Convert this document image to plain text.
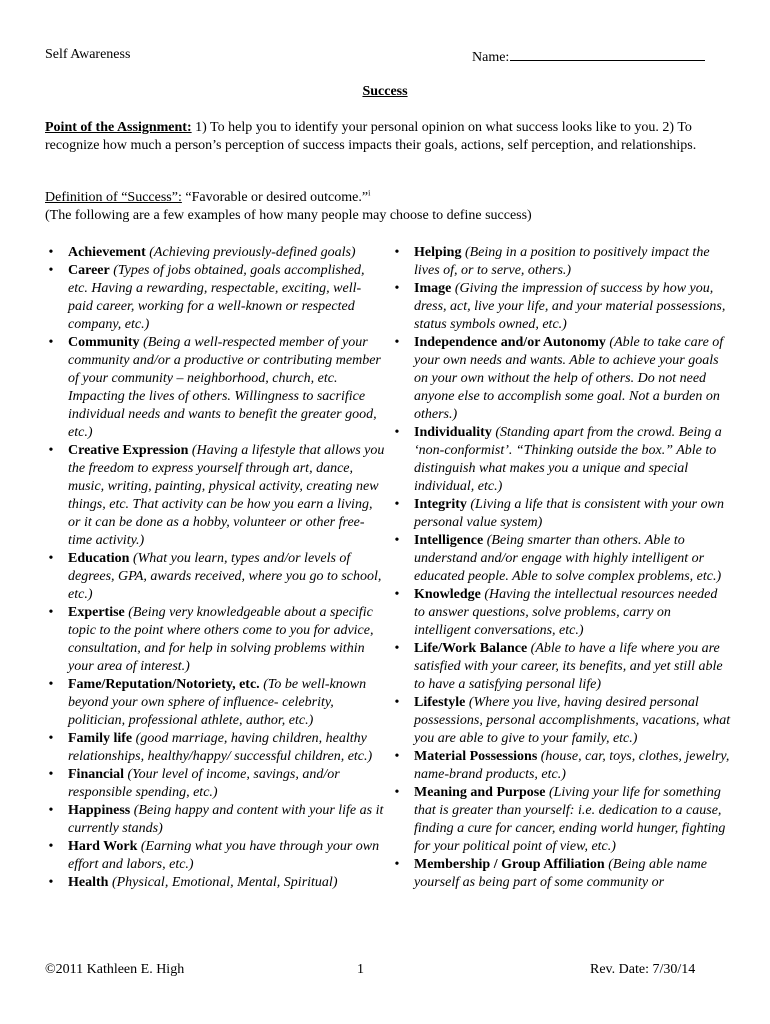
Self Awareness	Name:
Success
Point of the Assignment: 1) To help you to identify your personal opinion on what success looks like to you. 2) To recognize how much a person’s perception of success impacts their goals, actions, self perception, and relationships.
Definition of “Success”: “Favorable or desired outcome.”$^i$
(The following are a few examples of how many people may choose to define success)
• Achievement (Achieving previously-defined goals)
• Career (Types of jobs obtained, goals accomplished, etc. Having a rewarding, respectable, exciting, well-paid career, working for a well-known or respected company, etc.)
• Community (Being a well-respected member of your community and/or a productive or contributing member of your community – neighborhood, church, etc. Impacting the lives of others. Willingness to sacrifice individual needs and wants to benefit the greater good, etc.)
• Creative Expression (Having a lifestyle that allows you the freedom to express yourself through art, dance, music, writing, painting, physical activity, creating new things, etc. That activity can be how you earn a living, or it can be done as a hobby, volunteer or other free-time activity.)
• Education (What you learn, types and/or levels of degrees, GPA, awards received, where you go to school, etc.)
• Expertise (Being very knowledgeable about a specific topic to the point where others come to you for advice, consultation, and for help in solving problems within your area of interest.)
• Fame/Reputation/Notoriety, etc. (To be well-known beyond your own sphere of influence- celebrity, politician, professional athlete, author, etc.)
• Family life (good marriage, having children, healthy relationships, healthy/happy/ successful children, etc.)
• Financial (Your level of income, savings, and/or responsible spending, etc.)
• Happiness (Being happy and content with your life as it currently stands)
• Hard Work (Earning what you have through your own effort and labors, etc.)
• Health (Physical, Emotional, Mental, Spiritual)
• Helping (Being in a position to positively impact the lives of, or to serve, others.)
• Image (Giving the impression of success by how you, dress, act, live your life, and your material possessions, status symbols owned, etc.)
• Independence and/or Autonomy (Able to take care of your own needs and wants. Able to achieve your goals on your own without the help of others. Do not need anyone else to accomplish some goal. Not a burden on others.)
• Individuality (Standing apart from the crowd. Being a ‘non-conformist’. “Thinking outside the box.” Able to distinguish what makes you a unique and special individual, etc.)
• Integrity (Living a life that is consistent with your own personal value system)
• Intelligence (Being smarter than others. Able to understand and/or engage with highly intelligent or educated people. Able to solve complex problems, etc.)
• Knowledge (Having the intellectual resources needed to answer questions, solve problems, carry on intelligent conversations, etc.)
• Life/Work Balance (Able to have a life where you are satisfied with your career, its benefits, and yet still able to have a satisfying personal life)
• Lifestyle (Where you live, having desired personal possessions, personal accomplishments, vacations, what you are able to give to your family, etc.)
• Material Possessions (house, car, toys, clothes, jewelry, name-brand products, etc.)
• Meaning and Purpose (Living your life for something that is greater than yourself: i.e. dedication to a cause, finding a cure for cancer, ending world hunger, fighting for your political point of view, etc.)
• Membership / Group Affiliation (Being able name yourself as being part of some community or
©2011 Kathleen E. High	1	Rev. Date: 7/30/14
